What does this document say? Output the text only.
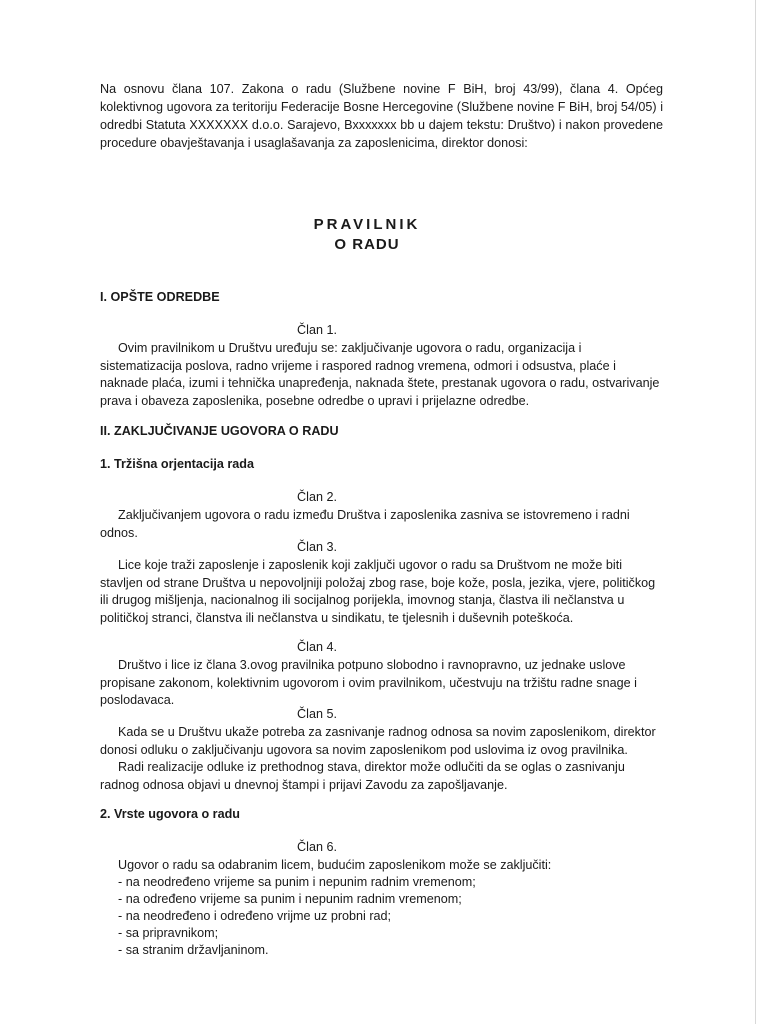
Na osnovu člana 107. Zakona o radu (Službene novine F BiH, broj 43/99), člana 4. Općeg kolektivnog ugovora za teritoriju Federacije Bosne Hercegovine (Službene novine F BiH, broj 54/05) i odredbi Statuta XXXXXXX d.o.o. Sarajevo, Bxxxxxxx bb u dajem tekstu: Društvo) i nakon provedene procedure obavještavanja i usaglašavanja za zaposlenicima, direktor donosi:

PRAVILNIK
O RADU
I. OPŠTE ODREDBE
Član 1.

Ovim pravilnikom u Društvu uređuju se: zaključivanje ugovora o radu, organizacija i sistematizacija poslova, radno vrijeme i raspored radnog vremena, odmori i odsustva, plaće i naknade plaća, izumi i tehnička unapređenja, naknada štete, prestanak ugovora o radu, ostvarivanje prava i obaveza zaposlenika, posebne odredbe o upravi i prijelazne odredbe.

II. ZAKLJUČIVANJE UGOVORA O RADU
1. Tržišna orjentacija rada
Član 2.

Zaključivanjem ugovora o radu između Društva i zaposlenika zasniva se istovremeno i radni odnos.

Član 3.

Lice koje traži zaposlenje i zaposlenik koji zaključi ugovor o radu sa Društvom ne može biti stavljen od strane Društva u nepovoljniji položaj zbog rase, boje kože, posla, jezika, vjere, političkog ili drugog mišljenja, nacionalnog ili socijalnog porijekla, imovnog stanja, člastva ili nečlanstva u političkoj stranci, članstva ili nečlanstva u sindikatu, te tjelesnih i duševnih poteškoća.

Član 4.

Društvo i lice iz člana 3.ovog pravilnika potpuno slobodno i ravnopravno, uz jednake uslove propisane zakonom, kolektivnim ugovorom i ovim pravilnikom, učestvuju na tržištu radne snage i poslodavaca.

Član 5.

Kada se u Društvu ukaže potreba za zasnivanje radnog odnosa sa novim zaposlenikom, direktor donosi odluku o zaključivanju ugovora sa novim zaposlenikom pod uslovima iz ovog pravilnika.

Radi realizacije odluke iz prethodnog stava, direktor može odlučiti da se oglas o zasnivanju radnog odnosa objavi u dnevnoj štampi i prijavi Zavodu za zapošljavanje.

2. Vrste ugovora o radu
Član 6.

Ugovor o radu sa odabranim licem, budućim zaposlenikom može se zaključiti:

- na neodređeno vrijeme sa punim i nepunim radnim vremenom;
- na određeno vrijeme sa punim i nepunim radnim vremenom;
- na neodređeno i određeno vrijme uz probni rad;
- sa pripravnikom;
- sa stranim državljaninom.
